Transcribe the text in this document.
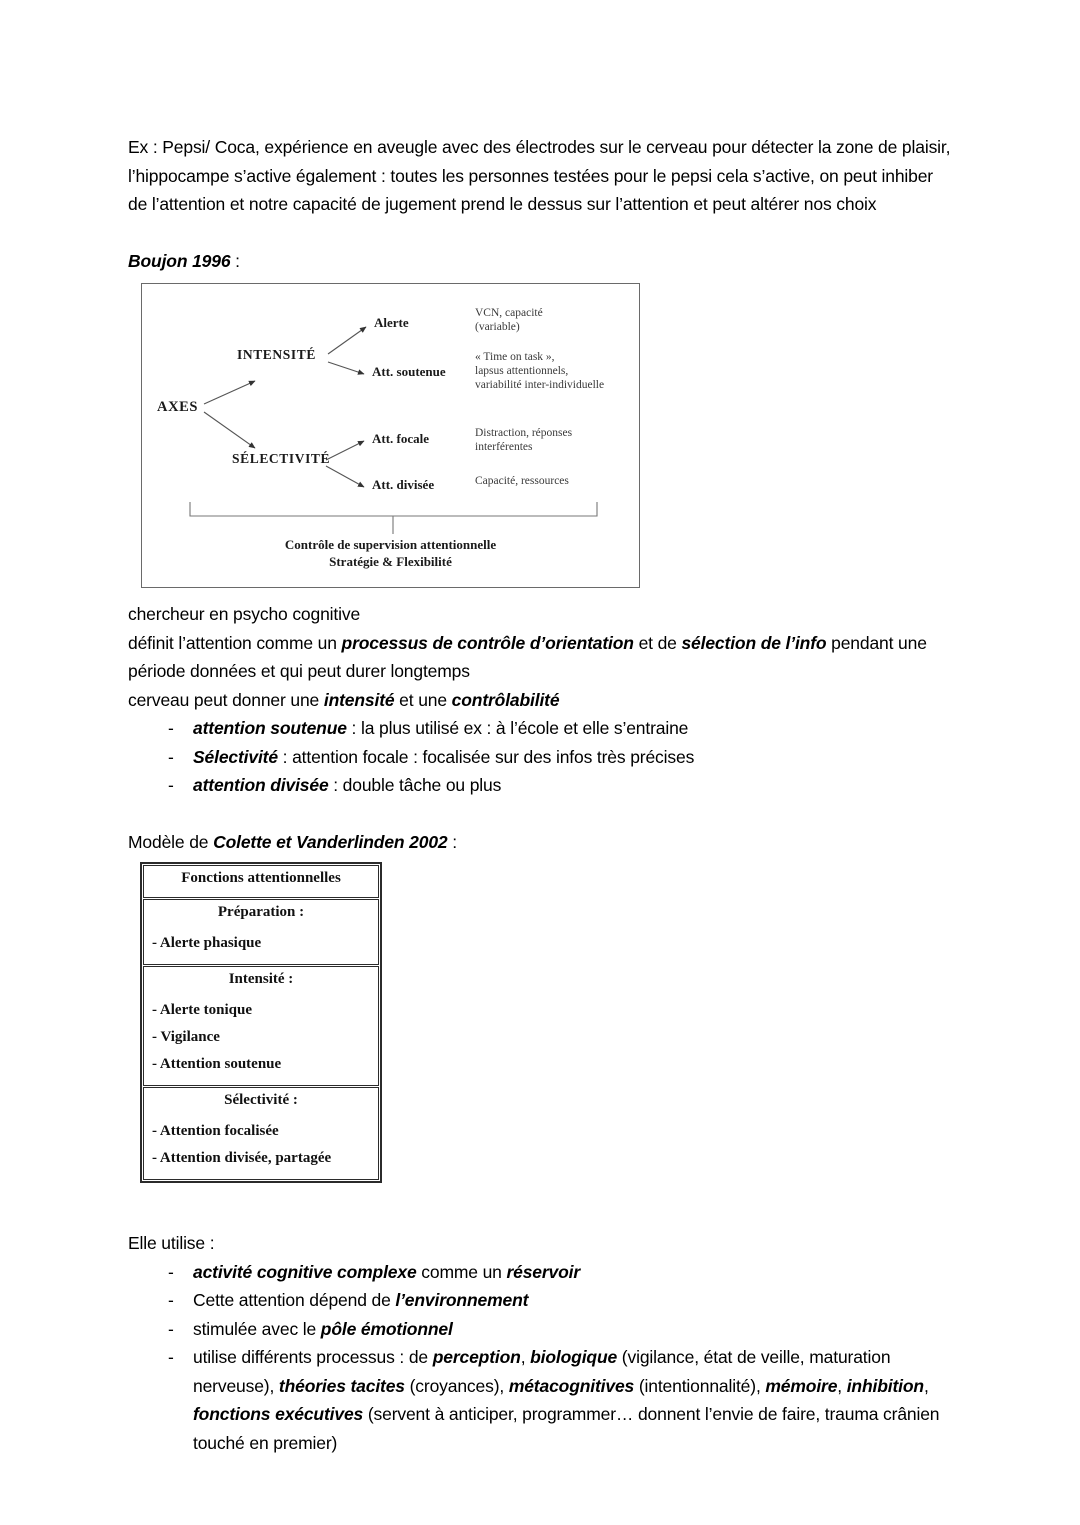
Ex : Pepsi/ Coca, expérience en aveugle avec des électrodes sur le cerveau pour détecter la zone de plaisir, l’hippocampe s’active également : toutes les personnes testées pour le pepsi cela s’active, on peut inhiber de l’attention et notre capacité de jugement prend le dessus sur l’attention et peut altérer nos choix

Boujon 1996 :

AXES
INTENSITÉ
SÉLECTIVITÉ
Alerte
Att. soutenue
Att. focale
Att. divisée
VCN, capacité
(variable)
« Time on task »,
lapsus attentionnels,
variabilité inter-individuelle
Distraction, réponses
interférentes
Capacité, ressources
Contrôle de supervision attentionnelle
Stratégie & Flexibilité

chercheur en psycho cognitive

définit l’attention comme un processus de contrôle d’orientation et de sélection de l’info pendant une période données et qui peut durer longtemps

cerveau peut donner une intensité et une contrôlabilité

- attention soutenue : la plus utilisé ex : à l’école et elle s’entraine
- Sélectivité : attention focale : focalisée sur des infos très précises
- attention divisée : double tâche ou plus

Modèle de Colette et Vanderlinden 2002 :

Fonctions attentionnelles
Préparation :
- Alerte phasique
Intensité :
- Alerte tonique
- Vigilance
- Attention soutenue
Sélectivité :
- Attention focalisée
- Attention divisée, partagée

Elle utilise :

- activité cognitive complexe comme un réservoir
- Cette attention dépend de l’environnement
- stimulée avec le pôle émotionnel
- utilise différents processus : de perception, biologique (vigilance, état de veille, maturation nerveuse), théories tacites (croyances), métacognitives (intentionnalité), mémoire, inhibition, fonctions exécutives (servent à anticiper, programmer… donnent l’envie de faire, trauma crânien touché en premier)
